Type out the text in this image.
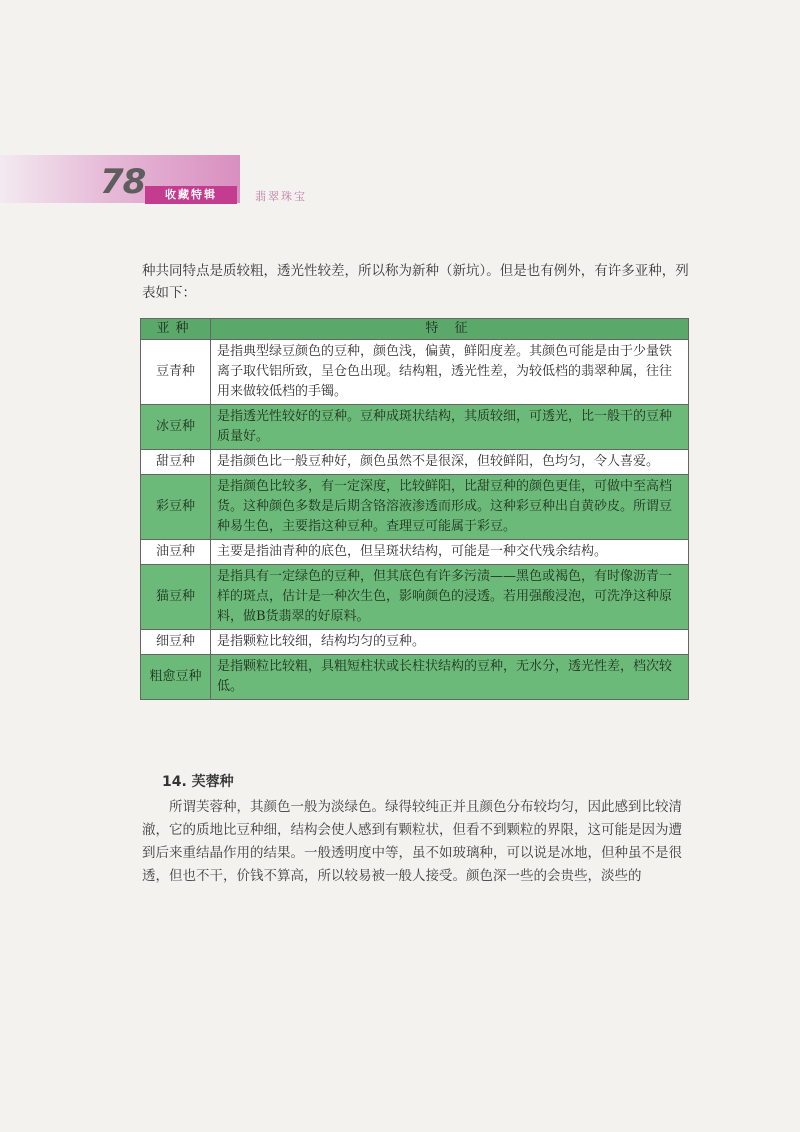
78	收藏特辑	翡翠珠宝

种共同特点是质较粗，透光性较差，所以称为新种（新坑）。但是也有例外，有许多亚种，列表如下：

亚种	特 征
豆青种	是指典型绿豆颜色的豆种，颜色浅，偏黄，鲜阳度差。其颜色可能是由于少量铁离子取代铝所致，呈仓色出现。结构粗，透光性差，为较低档的翡翠种属，往往用来做较低档的手镯。
冰豆种	是指透光性较好的豆种。豆种成斑状结构，其质较细，可透光，比一般干的豆种质量好。
甜豆种	是指颜色比一般豆种好，颜色虽然不是很深，但较鲜阳，色均匀，令人喜爱。
彩豆种	是指颜色比较多，有一定深度，比较鲜阳，比甜豆种的颜色更佳，可做中至高档货。这种颜色多数是后期含铬溶液渗透而形成。这种彩豆种出自黄砂皮。所谓豆种易生色，主要指这种豆种。查理豆可能属于彩豆。
油豆种	主要是指油青种的底色，但呈斑状结构，可能是一种交代残余结构。
猫豆种	是指具有一定绿色的豆种，但其底色有许多污渍——黑色或褐色，有时像沥青一样的斑点，估计是一种次生色，影响颜色的浸透。若用强酸浸泡，可洗净这种原料，做B货翡翠的好原料。
细豆种	是指颗粒比较细，结构均匀的豆种。
粗愈豆种	是指颗粒比较粗，具粗短柱状或长柱状结构的豆种，无水分，透光性差，档次较低。
14. 芙蓉种

所谓芙蓉种，其颜色一般为淡绿色。绿得较纯正并且颜色分布较均匀，因此感到比较清澈，它的质地比豆种细，结构会使人感到有颗粒状，但看不到颗粒的界限，这可能是因为遭到后来重结晶作用的结果。一般透明度中等，虽不如玻璃种，可以说是冰地，但种虽不是很透，但也不干，价钱不算高，所以较易被一般人接受。颜色深一些的会贵些，淡些的
